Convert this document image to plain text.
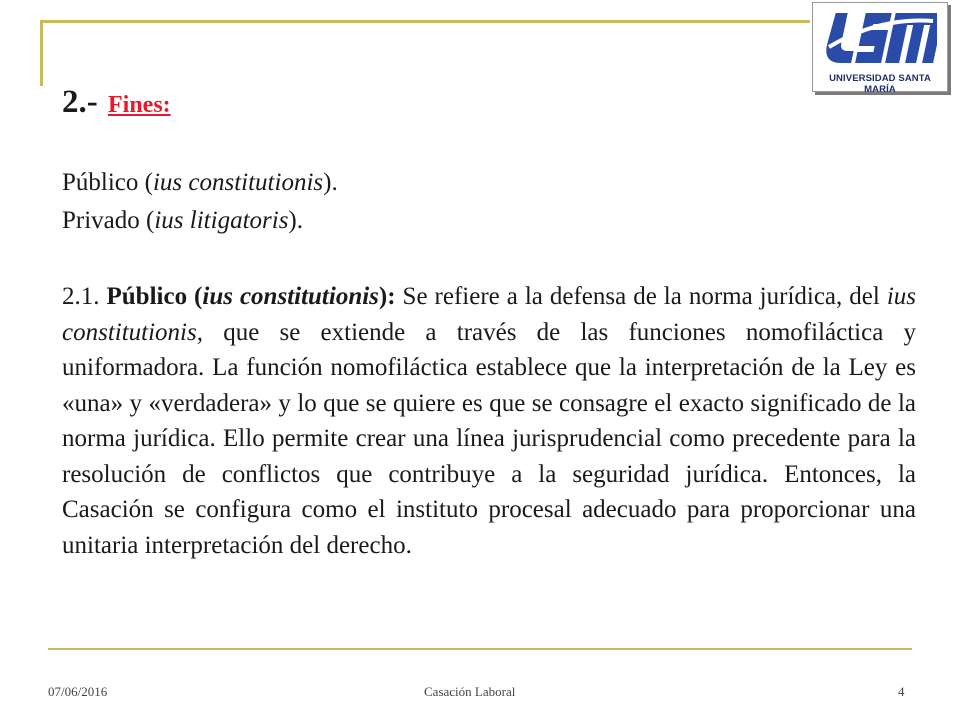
UNIVERSIDAD SANTA MARÍA
2.- Fines:
Público (ius constitutionis).
Privado (ius litigatoris).
2.1. Público (ius constitutionis): Se refiere a la defensa de la norma jurídica, del ius constitutionis, que se extiende a través de las funciones nomofiláctica y uniformadora. La función nomofiláctica establece que la interpretación de la Ley es «una» y «verdadera» y lo que se quiere es que se consagre el exacto significado de la norma jurídica. Ello permite crear una línea jurisprudencial como precedente para la resolución de conflictos que contribuye a la seguridad jurídica. Entonces, la Casación se configura como el instituto procesal adecuado para proporcionar una unitaria interpretación del derecho.
07/06/2016	Casación Laboral	4
